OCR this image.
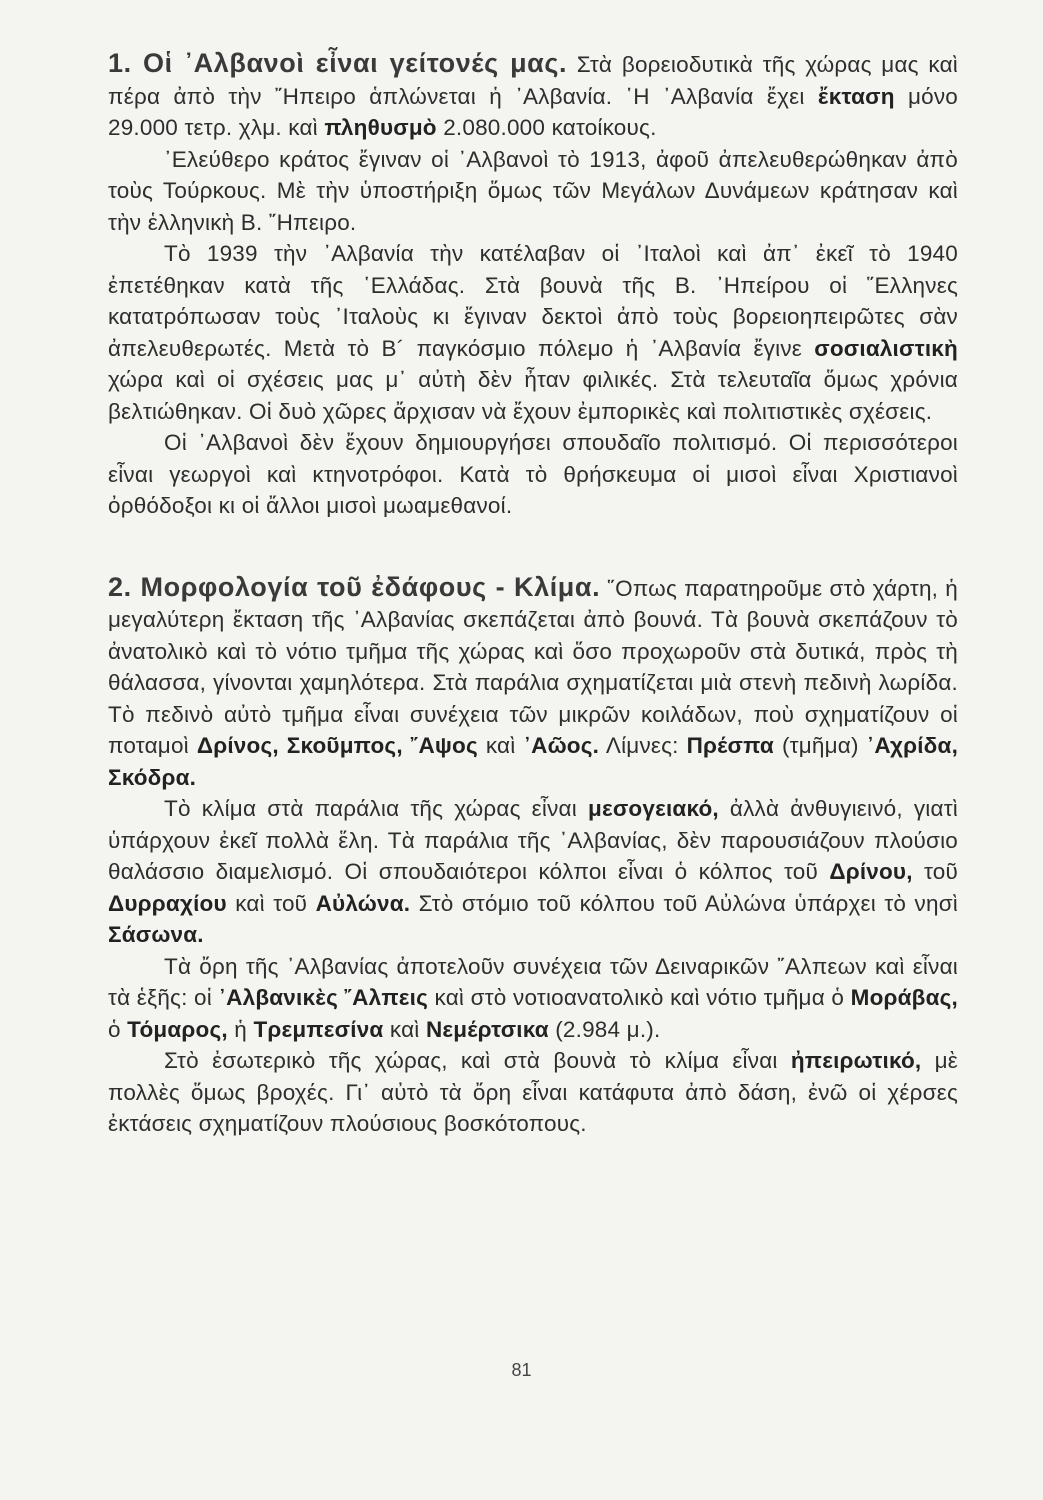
1. Οἱ ᾿Αλβανοὶ εἶναι γείτονές μας. Στὰ βορειοδυτικὰ τῆς χώρας μας καὶ πέρα ἀπὸ τὴν ῎Ηπειρο ἁπλώνεται ἡ ᾿Αλβανία. ῾Η ᾿Αλβανία ἔχει ἔκταση μόνο 29.000 τετρ. χλμ. καὶ πληθυσμὸ 2.080.000 κατοίκους.

᾿Ελεύθερο κράτος ἔγιναν οἱ ᾿Αλβανοὶ τὸ 1913, ἀφοῦ ἀπελευθερώθηκαν ἀπὸ τοὺς Τούρκους. Μὲ τὴν ὑποστήριξη ὅμως τῶν Μεγάλων Δυνάμεων κράτησαν καὶ τὴν ἑλληνικὴ Β. ῎Ηπειρο.

Τὸ 1939 τὴν ᾿Αλβανία τὴν κατέλαβαν οἱ ᾿Ιταλοὶ καὶ ἀπ᾿ ἐκεῖ τὸ 1940 ἐπετέθηκαν κατὰ τῆς ῾Ελλάδας. Στὰ βουνὰ τῆς Β. ᾿Ηπείρου οἱ ῞Ελληνες κατατρόπωσαν τοὺς ᾿Ιταλοὺς κι ἔγιναν δεκτοὶ ἀπὸ τοὺς βορειοηπειρῶτες σὰν ἀπελευθερωτές. Μετὰ τὸ Β´ παγκόσμιο πόλεμο ἡ ᾿Αλβανία ἔγινε σοσιαλιστικὴ χώρα καὶ οἱ σχέσεις μας μ᾿ αὐτὴ δὲν ἦταν φιλικές. Στὰ τελευταῖα ὅμως χρόνια βελτιώθηκαν. Οἱ δυὸ χῶρες ἄρχισαν νὰ ἔχουν ἐμπορικὲς καὶ πολιτιστικὲς σχέσεις.

Οἱ ᾿Αλβανοὶ δὲν ἔχουν δημιουργήσει σπουδαῖο πολιτισμό. Οἱ περισσότεροι εἶναι γεωργοὶ καὶ κτηνοτρόφοι. Κατὰ τὸ θρήσκευμα οἱ μισοὶ εἶναι Χριστιανοὶ ὀρθόδοξοι κι οἱ ἄλλοι μισοὶ μωαμεθανοί.

2. Μορφολογία τοῦ ἐδάφους - Κλίμα. ῞Οπως παρατηροῦμε στὸ χάρτη, ἡ μεγαλύτερη ἔκταση τῆς ᾿Αλβανίας σκεπάζεται ἀπὸ βουνά. Τὰ βουνὰ σκεπάζουν τὸ ἀνατολικὸ καὶ τὸ νότιο τμῆμα τῆς χώρας καὶ ὅσο προχωροῦν στὰ δυτικά, πρὸς τὴ θάλασσα, γίνονται χαμηλότερα. Στὰ παράλια σχηματίζεται μιὰ στενὴ πεδινὴ λωρίδα. Τὸ πεδινὸ αὐτὸ τμῆμα εἶναι συνέχεια τῶν μικρῶν κοιλάδων, ποὺ σχηματίζουν οἱ ποταμοὶ Δρίνος, Σκοῦμπος, ῎Αψος καὶ ᾿Αῶος. Λίμνες: Πρέσπα (τμῆμα) ᾿Αχρίδα, Σκόδρα.

Τὸ κλίμα στὰ παράλια τῆς χώρας εἶναι μεσογειακό, ἀλλὰ ἀνθυγιεινό, γιατὶ ὑπάρχουν ἐκεῖ πολλὰ ἕλη. Τὰ παράλια τῆς ᾿Αλβανίας, δὲν παρουσιάζουν πλούσιο θαλάσσιο διαμελισμό. Οἱ σπουδαιότεροι κόλποι εἶναι ὁ κόλπος τοῦ Δρίνου, τοῦ Δυρραχίου καὶ τοῦ Αὐλώνα. Στὸ στόμιο τοῦ κόλπου τοῦ Αὐλώνα ὑπάρχει τὸ νησὶ Σάσωνα.

Τὰ ὄρη τῆς ᾿Αλβανίας ἀποτελοῦν συνέχεια τῶν Δειναρικῶν ῎Αλπεων καὶ εἶναι τὰ ἑξῆς: οἱ ᾿Αλβανικὲς ῎Αλπεις καὶ στὸ νοτιοανατολικὸ καὶ νότιο τμῆμα ὁ Μοράβας, ὁ Τόμαρος, ἡ Τρεμπεσίνα καὶ Νεμέρτσικα (2.984 μ.).

Στὸ ἐσωτερικὸ τῆς χώρας, καὶ στὰ βουνὰ τὸ κλίμα εἶναι ἠπειρωτικό, μὲ πολλὲς ὅμως βροχές. Γι᾿ αὐτὸ τὰ ὄρη εἶναι κατάφυτα ἀπὸ δάση, ἐνῶ οἱ χέρσες ἐκτάσεις σχηματίζουν πλούσιους βοσκότοπους.

81
